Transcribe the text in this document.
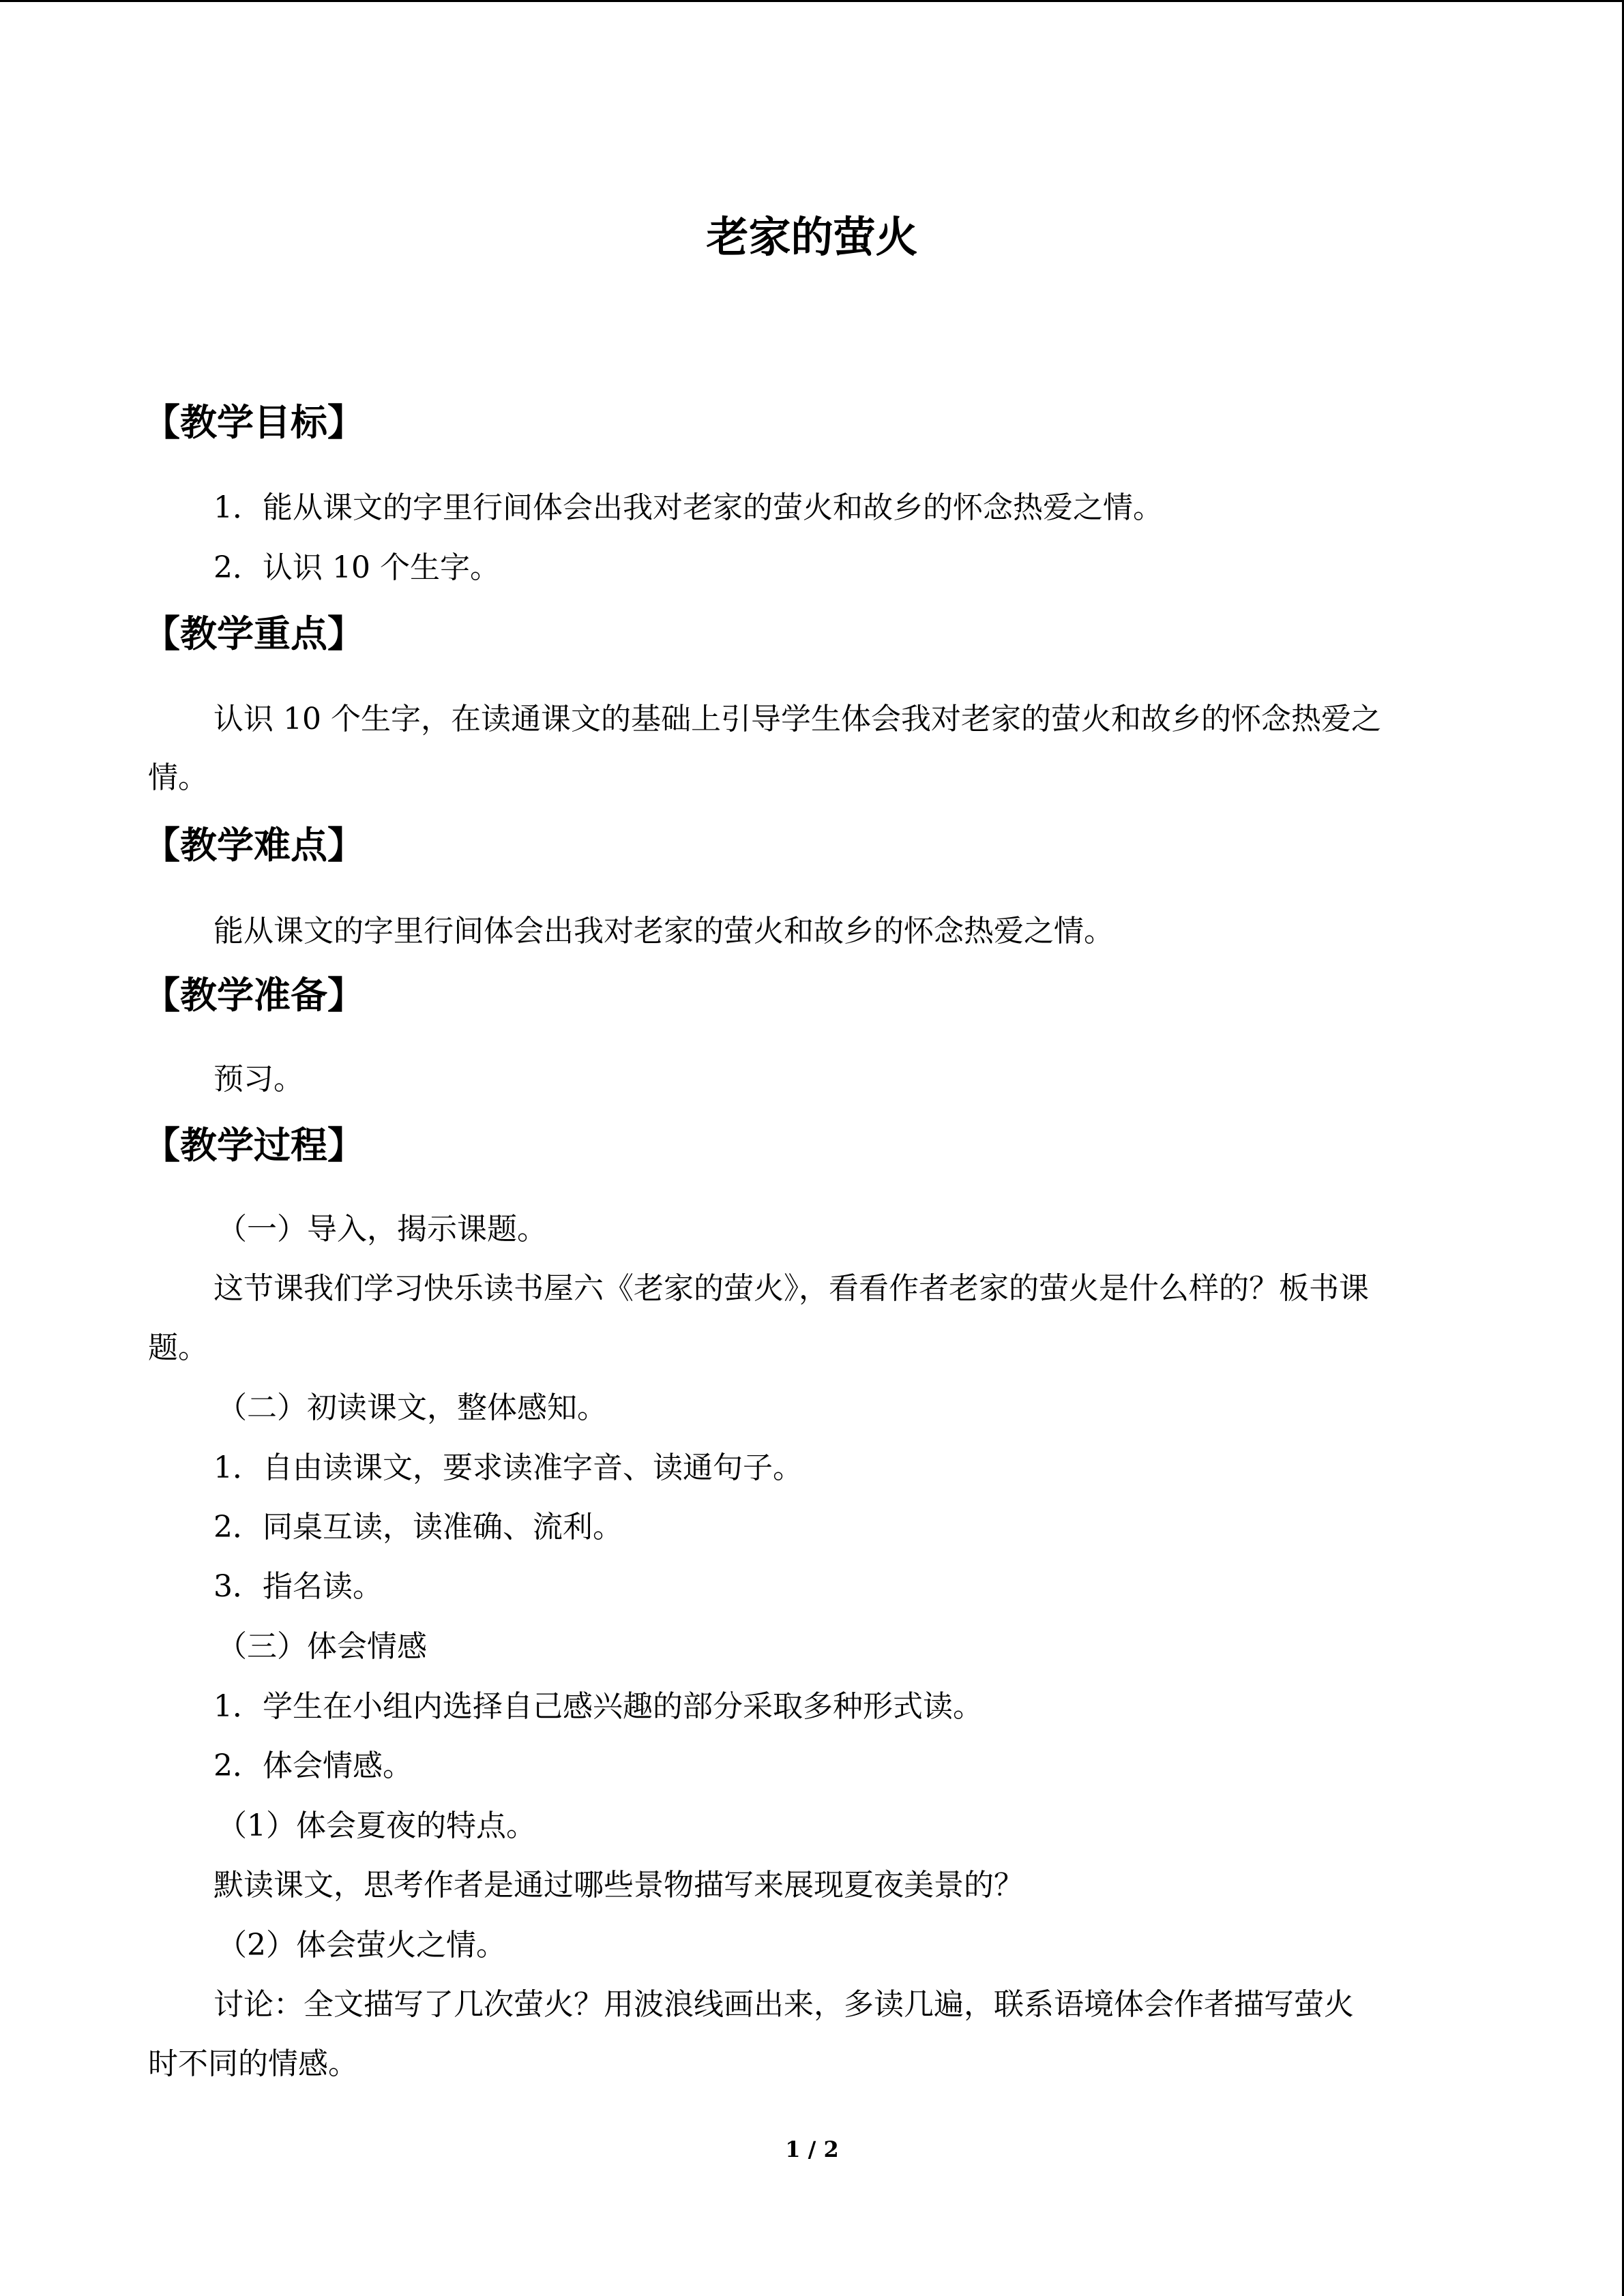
老家的萤火
【教学目标】
1．能从课文的字里行间体会出我对老家的萤火和故乡的怀念热爱之情。
2．认识 10 个生字。
【教学重点】
认识 10 个生字，在读通课文的基础上引导学生体会我对老家的萤火和故乡的怀念热爱之
情。
【教学难点】
能从课文的字里行间体会出我对老家的萤火和故乡的怀念热爱之情。
【教学准备】
预习。
【教学过程】
（一）导入，揭示课题。
这节课我们学习快乐读书屋六《老家的萤火》，看看作者老家的萤火是什么样的？板书课
题。
（二）初读课文，整体感知。
1．自由读课文，要求读准字音、读通句子。
2．同桌互读，读准确、流利。
3．指名读。
（三）体会情感
1．学生在小组内选择自己感兴趣的部分采取多种形式读。
2．体会情感。
（1）体会夏夜的特点。
默读课文，思考作者是通过哪些景物描写来展现夏夜美景的？
（2）体会萤火之情。
讨论：全文描写了几次萤火？用波浪线画出来，多读几遍，联系语境体会作者描写萤火
时不同的情感。
1 / 2
